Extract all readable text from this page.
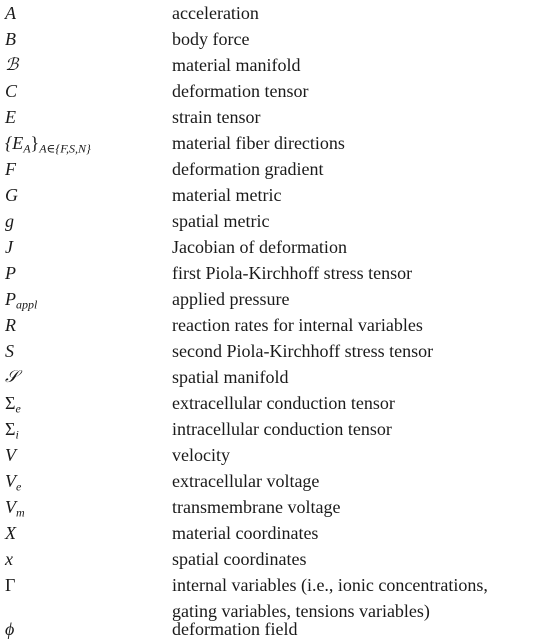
A	acceleration
B	body force
ℬ	material manifold
C	deformation tensor
E	strain tensor
$\{E_A\}_{A\in\{F,S,N\}}$	material fiber directions
F	deformation gradient
G	material metric
g	spatial metric
J	Jacobian of deformation
P	first Piola-Kirchhoff stress tensor
$P_{appl}$	applied pressure
R	reaction rates for internal variables
S	second Piola-Kirchhoff stress tensor
𝒮	spatial manifold
$\Sigma_e$	extracellular conduction tensor
$\Sigma_i$	intracellular conduction tensor
V	velocity
$V_e$	extracellular voltage
$V_m$	transmembrane voltage
X	material coordinates
x	spatial coordinates
Γ	internal variables (i.e., ionic concentrations,
gating variables, tensions variables)
ϕ	deformation field
